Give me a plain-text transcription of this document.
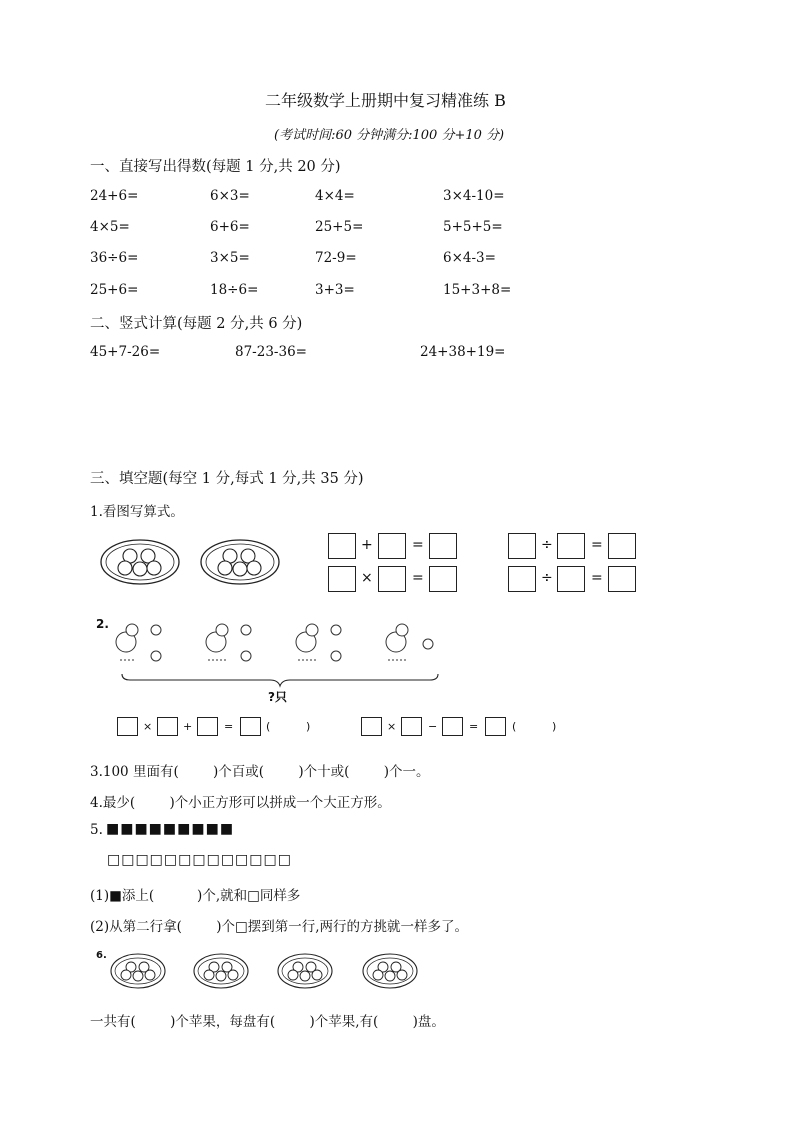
二年级数学上册期中复习精准练 B
(考试时间:60 分钟满分:100 分+10 分)
一、直接写出得数(每题 1 分,共 20 分)
24+6=	6×3=	4×4=	3×4-10=
4×5=	6+6=	25+5=	5+5+5=
36÷6=	3×5=	72-9=	6×4-3=
25+6=	18÷6=	3+3=	15+3+8=
二、竖式计算(每题 2 分,共 6 分)
45+7-26=	87-23-36=	24+38+19=
三、填空题(每空 1 分,每式 1 分,共 35 分)
1.看图写算式。
+	=
×	=
÷	=
÷	=
2.
?只
×	+	=	(	)	×	−	=	(	)
3.100 里面有(        )个百或(        )个十或(        )个一。
4.最少(        )个小正方形可以拼成一个大正方形。
5. ■■■■■■■■■
□□□□□□□□□□□□□
(1)■添上(          )个,就和□同样多
(2)从第二行拿(        )个□摆到第一行,两行的方挑就一样多了。
6.
一共有(        )个苹果，每盘有(        )个苹果,有(        )盘。
